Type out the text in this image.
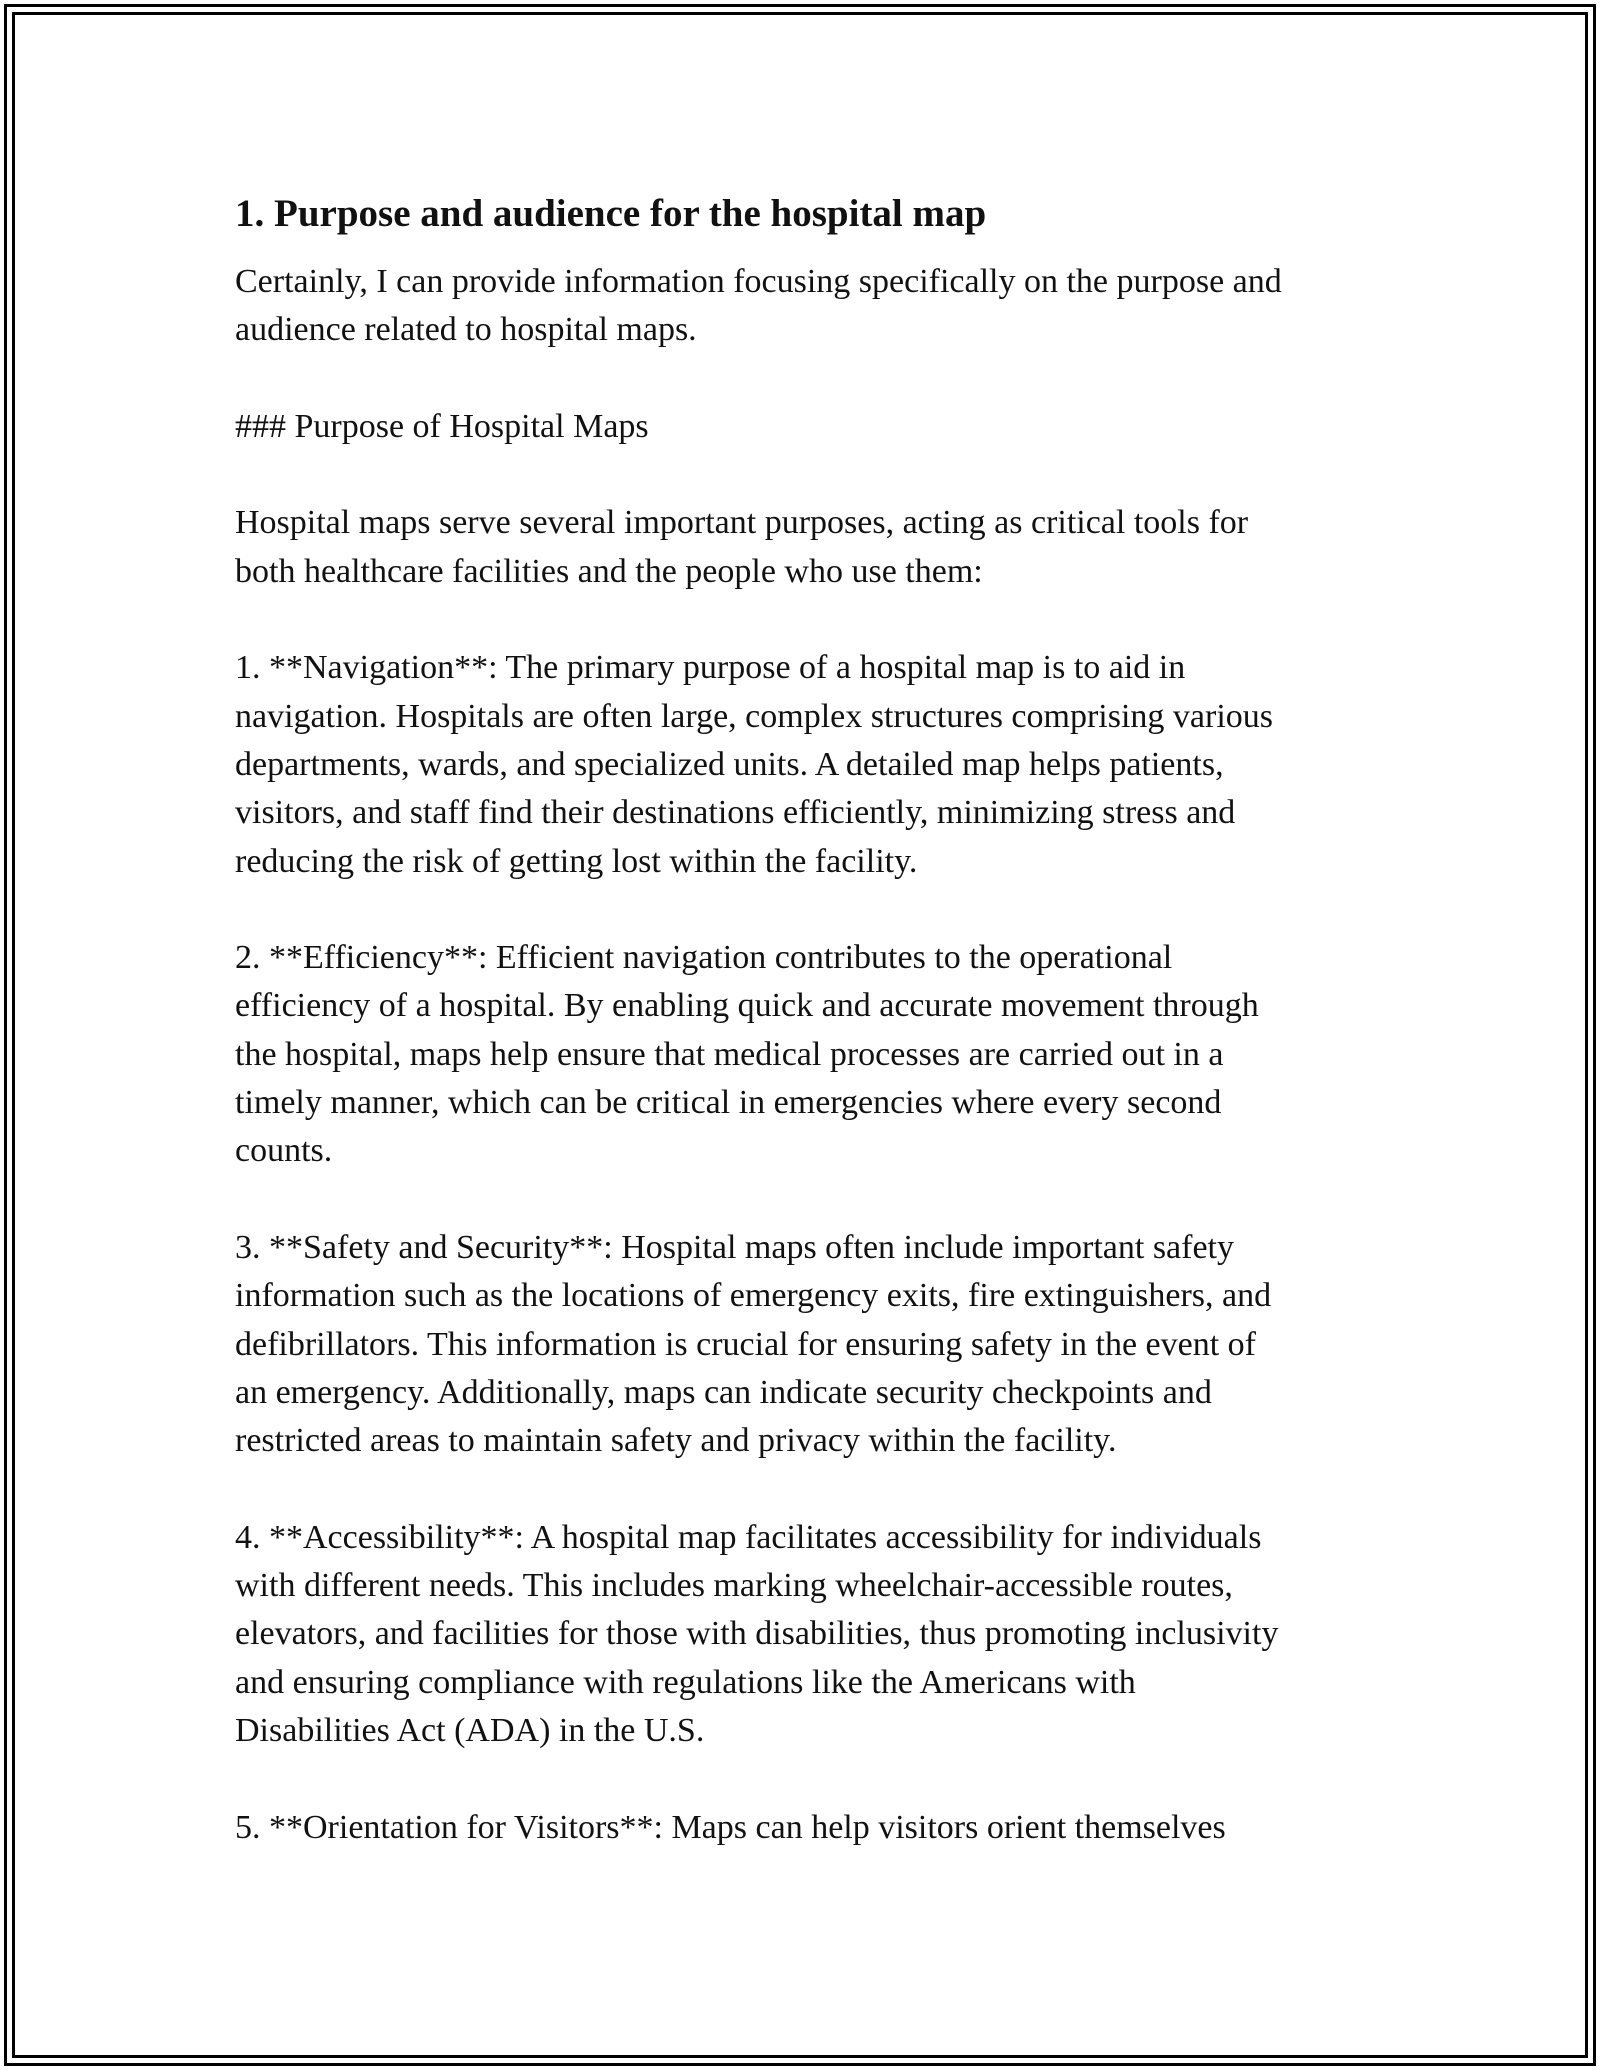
1. Purpose and audience for the hospital map
Certainly, I can provide information focusing specifically on the purpose and
audience related to hospital maps.
### Purpose of Hospital Maps
Hospital maps serve several important purposes, acting as critical tools for
both healthcare facilities and the people who use them:
1. **Navigation**: The primary purpose of a hospital map is to aid in
navigation. Hospitals are often large, complex structures comprising various
departments, wards, and specialized units. A detailed map helps patients,
visitors, and staff find their destinations efficiently, minimizing stress and
reducing the risk of getting lost within the facility.
2. **Efficiency**: Efficient navigation contributes to the operational
efficiency of a hospital. By enabling quick and accurate movement through
the hospital, maps help ensure that medical processes are carried out in a
timely manner, which can be critical in emergencies where every second
counts.
3. **Safety and Security**: Hospital maps often include important safety
information such as the locations of emergency exits, fire extinguishers, and
defibrillators. This information is crucial for ensuring safety in the event of
an emergency. Additionally, maps can indicate security checkpoints and
restricted areas to maintain safety and privacy within the facility.
4. **Accessibility**: A hospital map facilitates accessibility for individuals
with different needs. This includes marking wheelchair-accessible routes,
elevators, and facilities for those with disabilities, thus promoting inclusivity
and ensuring compliance with regulations like the Americans with
Disabilities Act (ADA) in the U.S.
5. **Orientation for Visitors**: Maps can help visitors orient themselves
